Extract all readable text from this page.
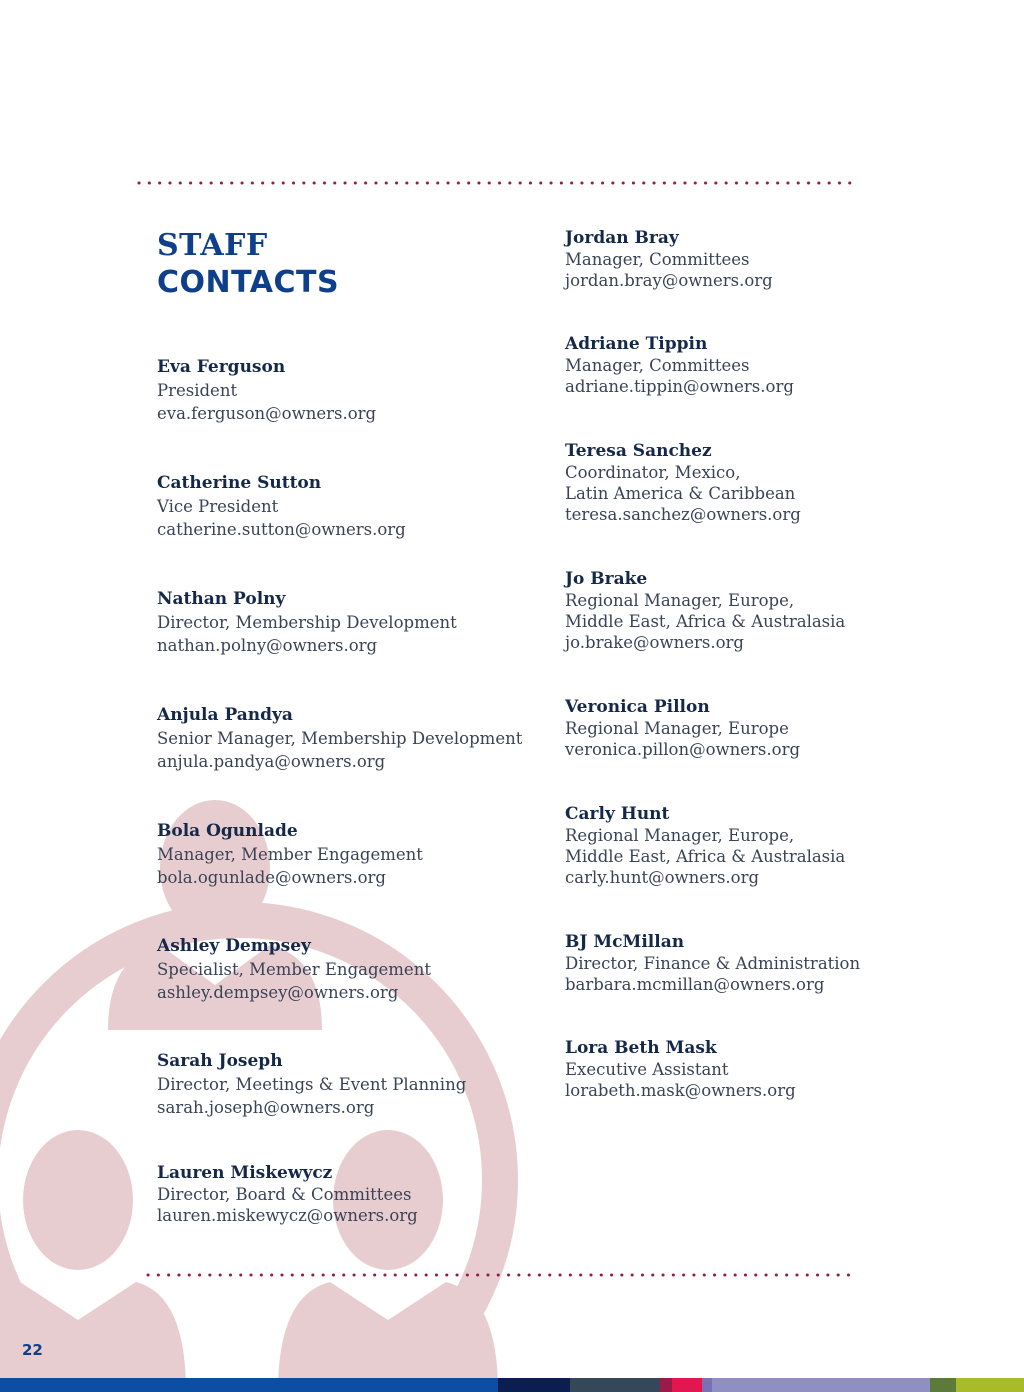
STAFF
CONTACTS
Eva Ferguson
President
eva.ferguson@owners.org
Catherine Sutton
Vice President
catherine.sutton@owners.org
Nathan Polny
Director, Membership Development
nathan.polny@owners.org
Anjula Pandya
Senior Manager, Membership Development
anjula.pandya@owners.org
Bola Ogunlade
Manager, Member Engagement
bola.ogunlade@owners.org
Ashley Dempsey
Specialist, Member Engagement
ashley.dempsey@owners.org
Sarah Joseph
Director, Meetings & Event Planning
sarah.joseph@owners.org
Lauren Miskewycz
Director, Board & Committees
lauren.miskewycz@owners.org
Jordan Bray
Manager, Committees
jordan.bray@owners.org
Adriane Tippin
Manager, Committees
adriane.tippin@owners.org
Teresa Sanchez
Coordinator, Mexico,
Latin America & Caribbean
teresa.sanchez@owners.org
Jo Brake
Regional Manager, Europe,
Middle East, Africa & Australasia
jo.brake@owners.org
Veronica Pillon
Regional Manager, Europe
veronica.pillon@owners.org
Carly Hunt
Regional Manager, Europe,
Middle East, Africa & Australasia
carly.hunt@owners.org
BJ McMillan
Director, Finance & Administration
barbara.mcmillan@owners.org
Lora Beth Mask
Executive Assistant
lorabeth.mask@owners.org
22
